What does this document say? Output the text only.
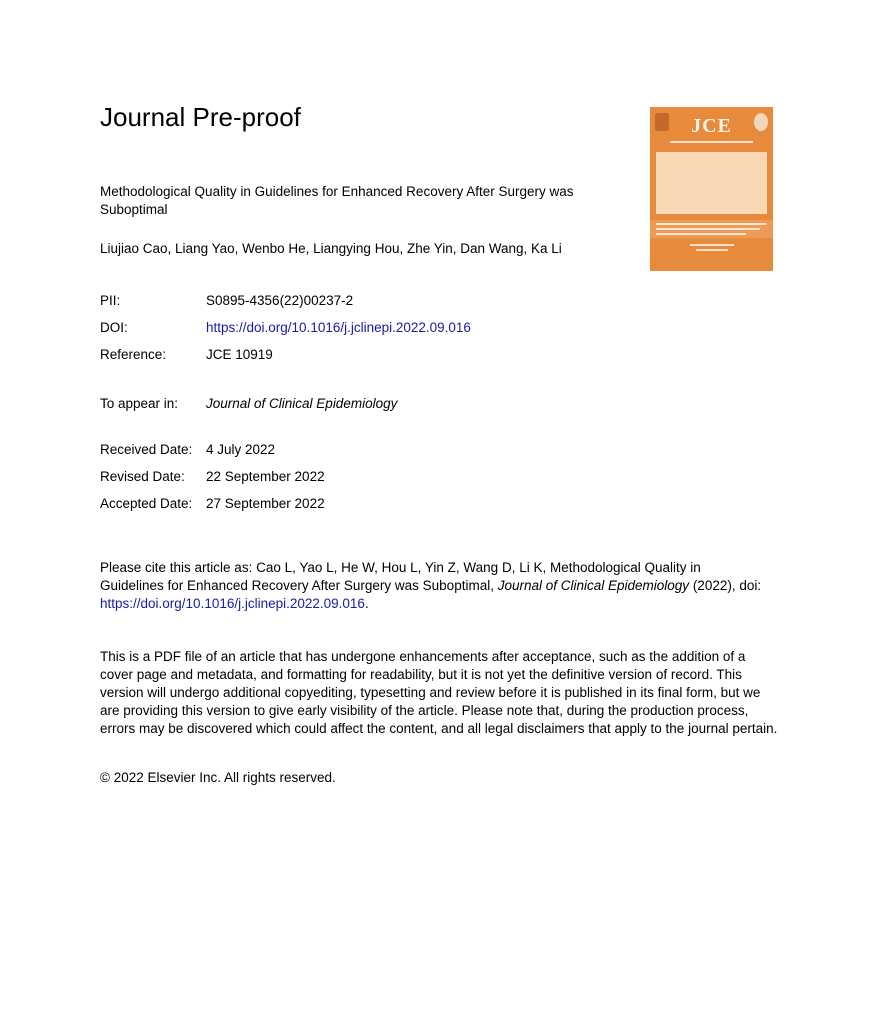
Journal Pre-proof	JCE
Methodological Quality in Guidelines for Enhanced Recovery After Surgery was Suboptimal
Liujiao Cao, Liang Yao, Wenbo He, Liangying Hou, Zhe Yin, Dan Wang, Ka Li
PII:	S0895-4356(22)00237-2
DOI:	https://doi.org/10.1016/j.jclinepi.2022.09.016
Reference:	JCE 10919
To appear in: Journal of Clinical Epidemiology
Received Date: 4 July 2022
Revised Date: 22 September 2022
Accepted Date: 27 September 2022
Please cite this article as: Cao L, Yao L, He W, Hou L, Yin Z, Wang D, Li K, Methodological Quality in Guidelines for Enhanced Recovery After Surgery was Suboptimal, Journal of Clinical Epidemiology (2022), doi: https://doi.org/10.1016/j.jclinepi.2022.09.016.
This is a PDF file of an article that has undergone enhancements after acceptance, such as the addition of a cover page and metadata, and formatting for readability, but it is not yet the definitive version of record. This version will undergo additional copyediting, typesetting and review before it is published in its final form, but we are providing this version to give early visibility of the article. Please note that, during the production process, errors may be discovered which could affect the content, and all legal disclaimers that apply to the journal pertain.
© 2022 Elsevier Inc. All rights reserved.
